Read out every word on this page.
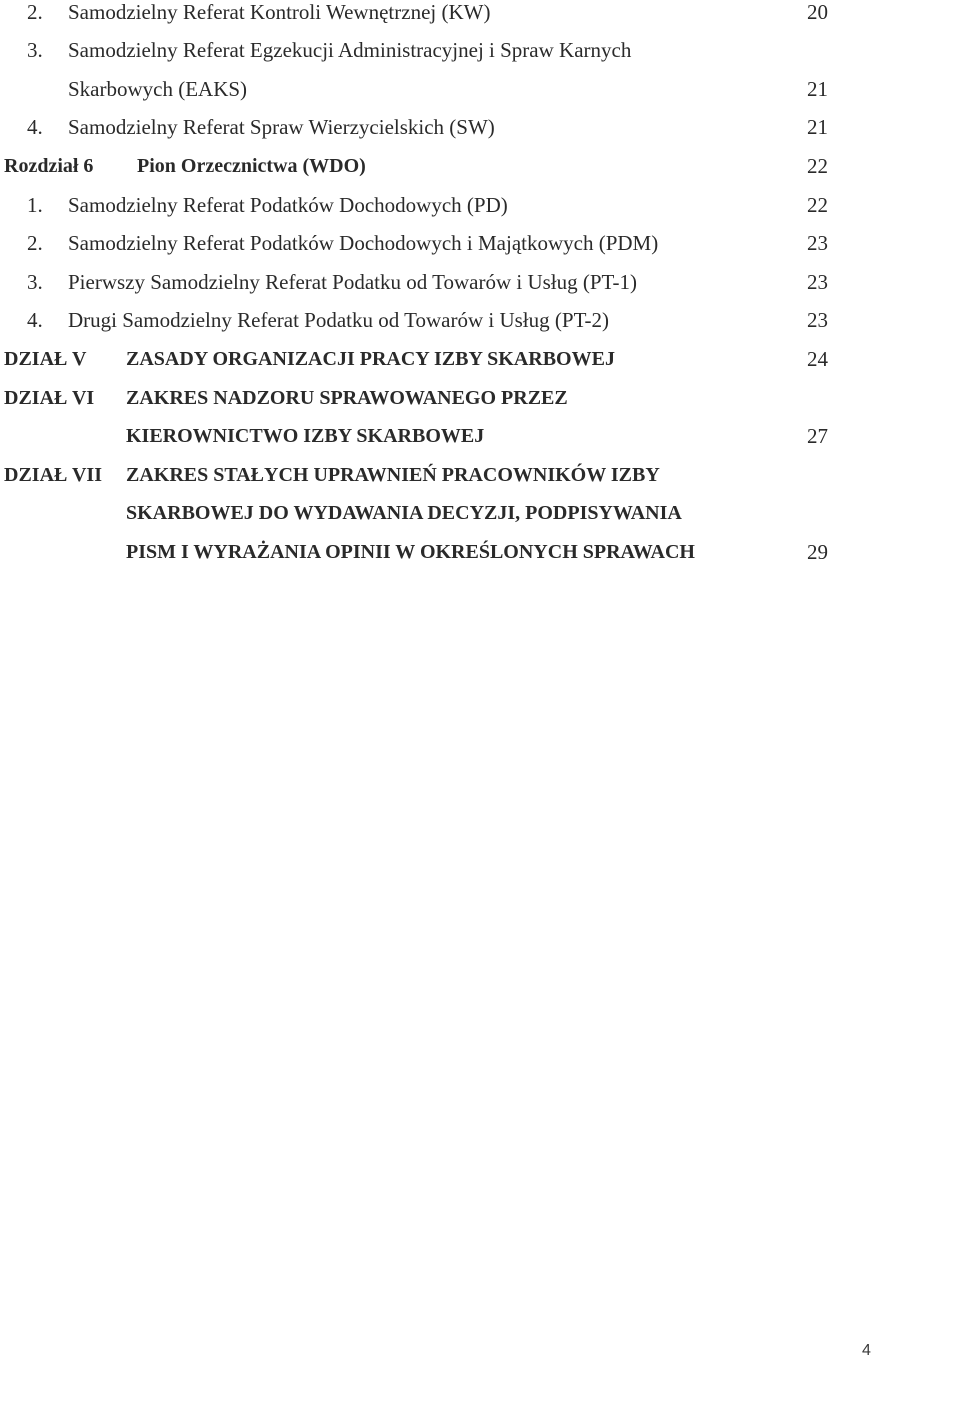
2. Samodzielny Referat Kontroli Wewnętrznej (KW)	20
3. Samodzielny Referat Egzekucji Administracyjnej i Spraw Karnych
Skarbowych (EAKS)	21
4. Samodzielny Referat Spraw Wierzycielskich (SW)	21
Rozdział 6 Pion Orzecznictwa (WDO)	22
1. Samodzielny Referat Podatków Dochodowych (PD)	22
2. Samodzielny Referat Podatków Dochodowych i Majątkowych (PDM)	23
3. Pierwszy Samodzielny Referat Podatku od Towarów i Usług (PT-1)	23
4. Drugi Samodzielny Referat Podatku od Towarów i Usług (PT-2)	23
DZIAŁ V ZASADY ORGANIZACJI PRACY IZBY SKARBOWEJ	24
DZIAŁ VI ZAKRES NADZORU SPRAWOWANEGO PRZEZ
KIEROWNICTWO IZBY SKARBOWEJ	27
DZIAŁ VII ZAKRES STAŁYCH UPRAWNIEŃ PRACOWNIKÓW IZBY
SKARBOWEJ DO WYDAWANIA DECYZJI, PODPISYWANIA
PISM I WYRAŻANIA OPINII W OKREŚLONYCH SPRAWACH	29
4
